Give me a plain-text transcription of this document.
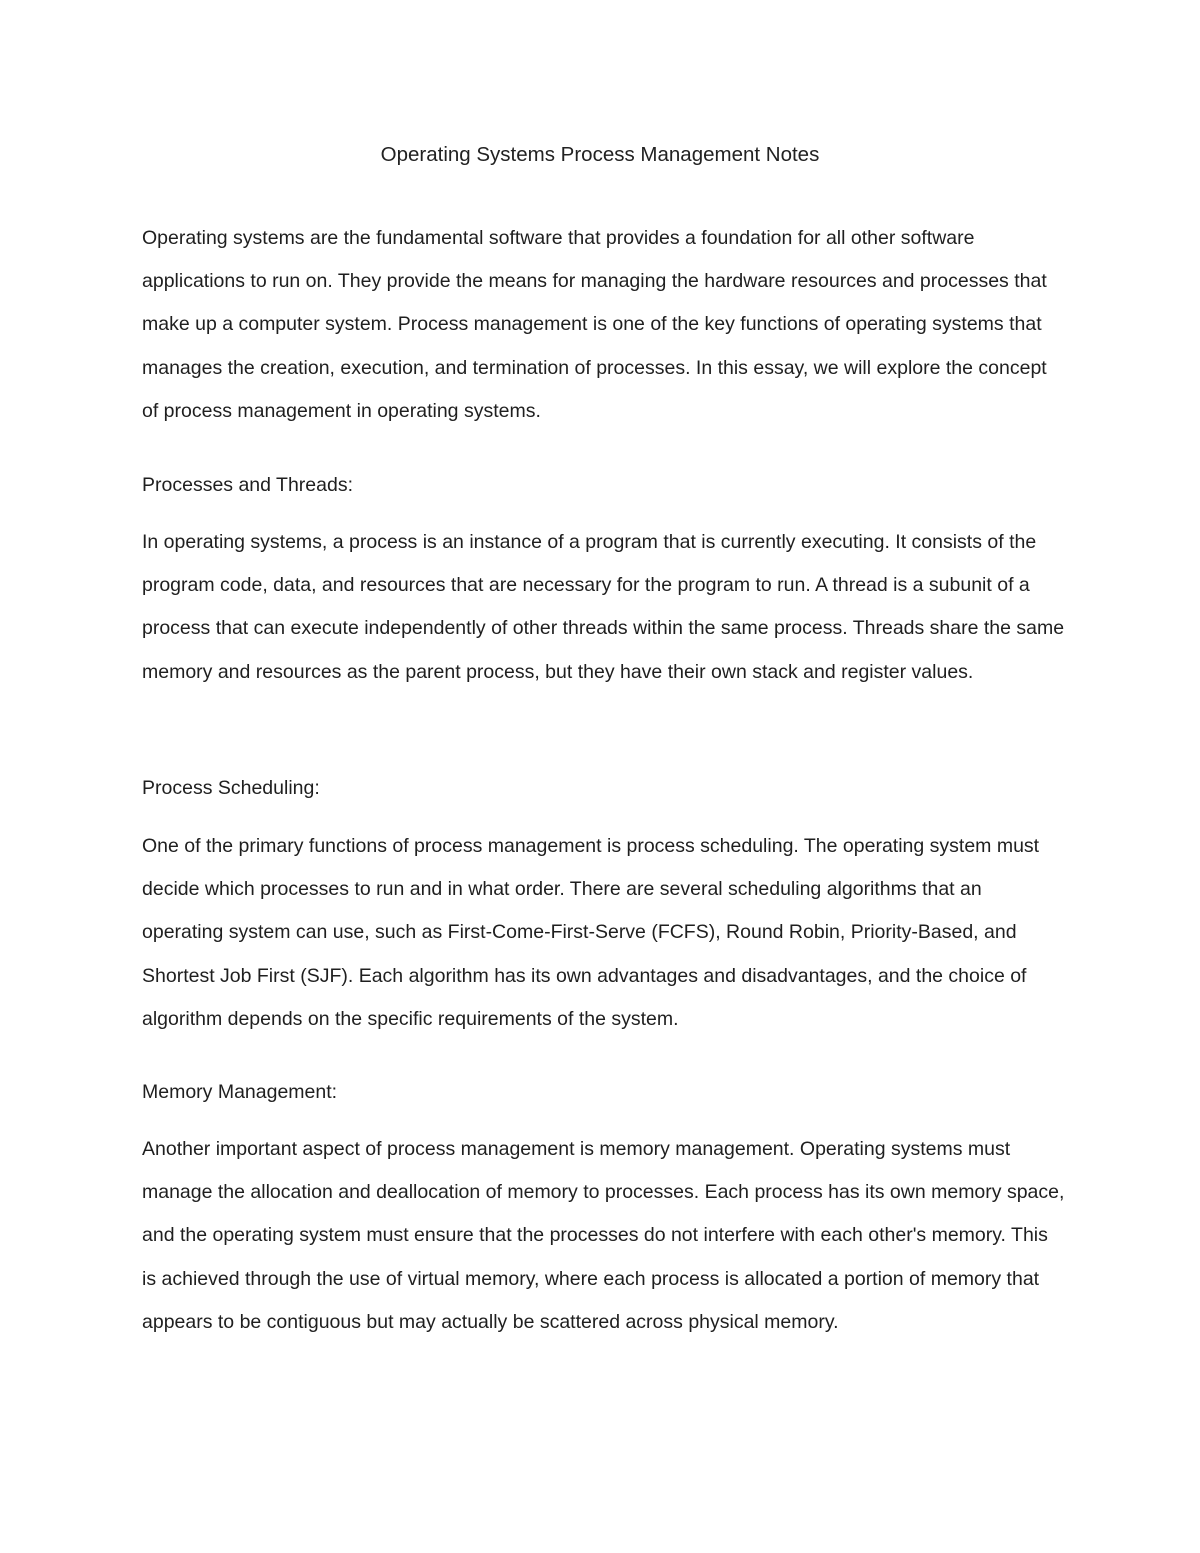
Operating Systems Process Management Notes

Operating systems are the fundamental software that provides a foundation for all other software applications to run on. They provide the means for managing the hardware resources and processes that make up a computer system. Process management is one of the key functions of operating systems that manages the creation, execution, and termination of processes. In this essay, we will explore the concept of process management in operating systems.

Processes and Threads:

In operating systems, a process is an instance of a program that is currently executing. It consists of the program code, data, and resources that are necessary for the program to run. A thread is a subunit of a process that can execute independently of other threads within the same process. Threads share the same memory and resources as the parent process, but they have their own stack and register values.

Process Scheduling:

One of the primary functions of process management is process scheduling. The operating system must decide which processes to run and in what order. There are several scheduling algorithms that an operating system can use, such as First-Come-First-Serve (FCFS), Round Robin, Priority-Based, and Shortest Job First (SJF). Each algorithm has its own advantages and disadvantages, and the choice of algorithm depends on the specific requirements of the system.

Memory Management:

Another important aspect of process management is memory management. Operating systems must manage the allocation and deallocation of memory to processes. Each process has its own memory space, and the operating system must ensure that the processes do not interfere with each other's memory. This is achieved through the use of virtual memory, where each process is allocated a portion of memory that appears to be contiguous but may actually be scattered across physical memory.
